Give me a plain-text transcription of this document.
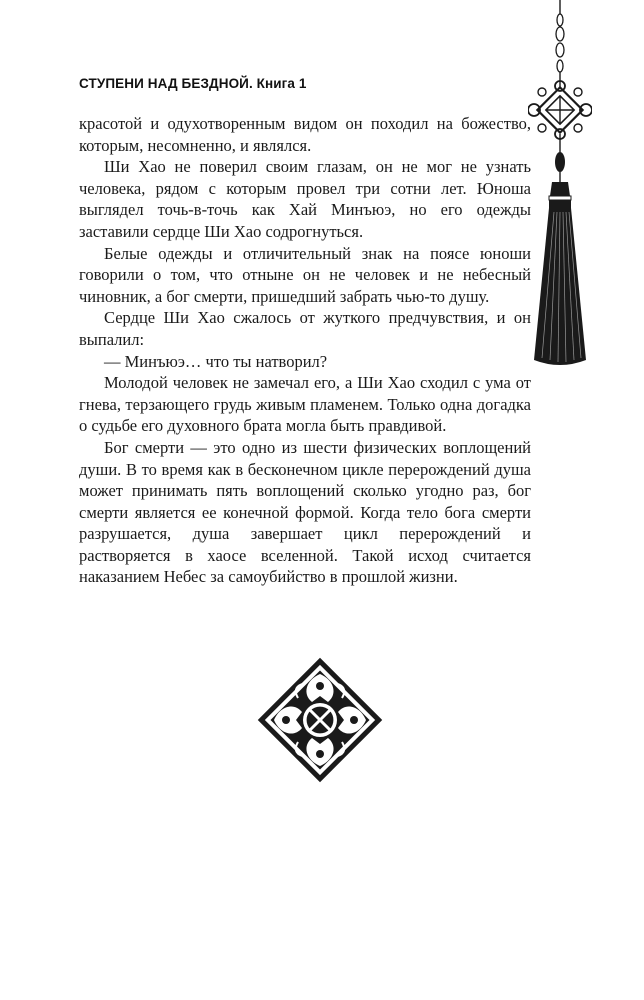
СТУПЕНИ НАД БЕЗДНОЙ. Книга 1

красотой и одухотворенным видом он походил на божество, которым, несомненно, и являлся.

Ши Хао не поверил своим глазам, он не мог не узнать человека, рядом с которым провел три сотни лет. Юноша выглядел точь-в-точь как Хай Минъюэ, но его одежды заставили сердце Ши Хао содрогнуться.

Белые одежды и отличительный знак на поясе юноши говорили о том, что отныне он не человек и не небесный чиновник, а бог смерти, пришедший забрать чью-то душу.

Сердце Ши Хао сжалось от жуткого предчувствия, и он выпалил:

— Минъюэ… что ты натворил?

Молодой человек не замечал его, а Ши Хао сходил с ума от гнева, терзающего грудь живым пламенем. Только одна догадка о судьбе его духовного брата могла быть правдивой.

Бог смерти — это одно из шести физических воплощений души. В то время как в бесконечном цикле перерождений душа может принимать пять воплощений сколько угодно раз, бог смерти является ее конечной формой. Когда тело бога смерти разрушается, душа завершает цикл перерождений и растворяется в хаосе вселенной. Такой исход считается наказанием Небес за самоубийство в прошлой жизни.
